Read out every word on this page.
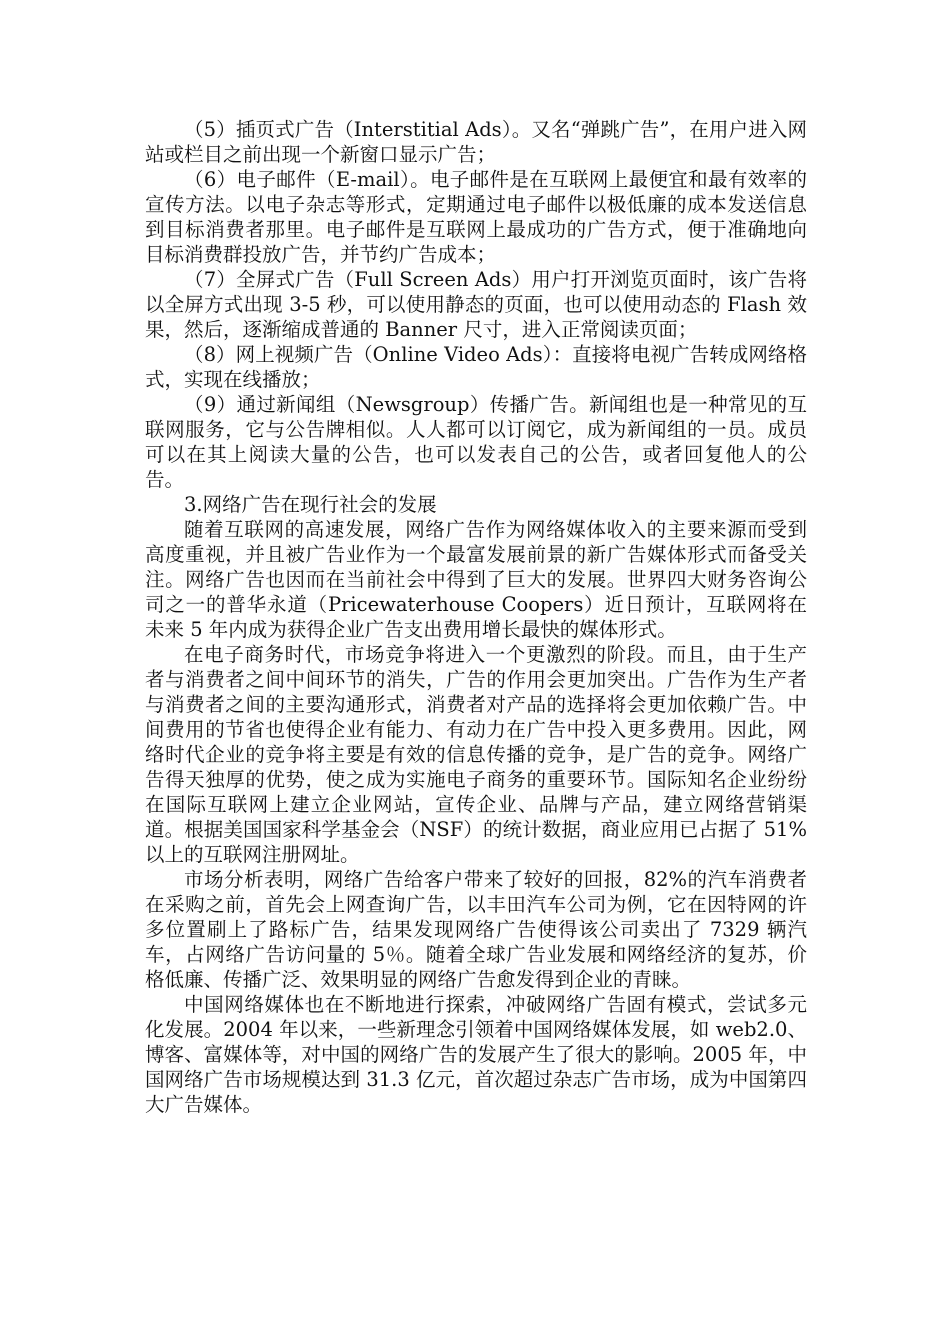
（5）插页式广告（Interstitial Ads）。又名“弹跳广告”，在用户进入网站或栏目之前出现一个新窗口显示广告；

（6）电子邮件（E-mail）。电子邮件是在互联网上最便宜和最有效率的宣传方法。以电子杂志等形式，定期通过电子邮件以极低廉的成本发送信息到目标消费者那里。电子邮件是互联网上最成功的广告方式，便于准确地向目标消费群投放广告，并节约广告成本；

（7）全屏式广告（Full Screen Ads）用户打开浏览页面时，该广告将以全屏方式出现 3-5 秒，可以使用静态的页面，也可以使用动态的 Flash 效果，然后，逐渐缩成普通的 Banner 尺寸，进入正常阅读页面；

（8）网上视频广告（Online Video Ads）：直接将电视广告转成网络格式，实现在线播放；

（9）通过新闻组（Newsgroup）传播广告。新闻组也是一种常见的互联网服务，它与公告牌相似。人人都可以订阅它，成为新闻组的一员。成员可以在其上阅读大量的公告，也可以发表自己的公告，或者回复他人的公告。

3.网络广告在现行社会的发展

随着互联网的高速发展，网络广告作为网络媒体收入的主要来源而受到高度重视，并且被广告业作为一个最富发展前景的新广告媒体形式而备受关注。网络广告也因而在当前社会中得到了巨大的发展。世界四大财务咨询公司之一的普华永道（Pricewaterhouse Coopers）近日预计，互联网将在未来 5 年内成为获得企业广告支出费用增长最快的媒体形式。

在电子商务时代，市场竞争将进入一个更激烈的阶段。而且，由于生产者与消费者之间中间环节的消失，广告的作用会更加突出。广告作为生产者与消费者之间的主要沟通形式，消费者对产品的选择将会更加依赖广告。中间费用的节省也使得企业有能力、有动力在广告中投入更多费用。因此，网络时代企业的竞争将主要是有效的信息传播的竞争，是广告的竞争。网络广告得天独厚的优势，使之成为实施电子商务的重要环节。国际知名企业纷纷在国际互联网上建立企业网站，宣传企业、品牌与产品，建立网络营销渠道。根据美国国家科学基金会（NSF）的统计数据，商业应用已占据了 51%以上的互联网注册网址。

市场分析表明，网络广告给客户带来了较好的回报，82%的汽车消费者在采购之前，首先会上网查询广告，以丰田汽车公司为例，它在因特网的许多位置刷上了路标广告，结果发现网络广告使得该公司卖出了 7329 辆汽车，占网络广告访问量的 5％。随着全球广告业发展和网络经济的复苏，价格低廉、传播广泛、效果明显的网络广告愈发得到企业的青睐。

中国网络媒体也在不断地进行探索，冲破网络广告固有模式，尝试多元化发展。2004 年以来，一些新理念引领着中国网络媒体发展，如 web2.0、博客、富媒体等，对中国的网络广告的发展产生了很大的影响。2005 年，中国网络广告市场规模达到 31.3 亿元，首次超过杂志广告市场，成为中国第四大广告媒体。
